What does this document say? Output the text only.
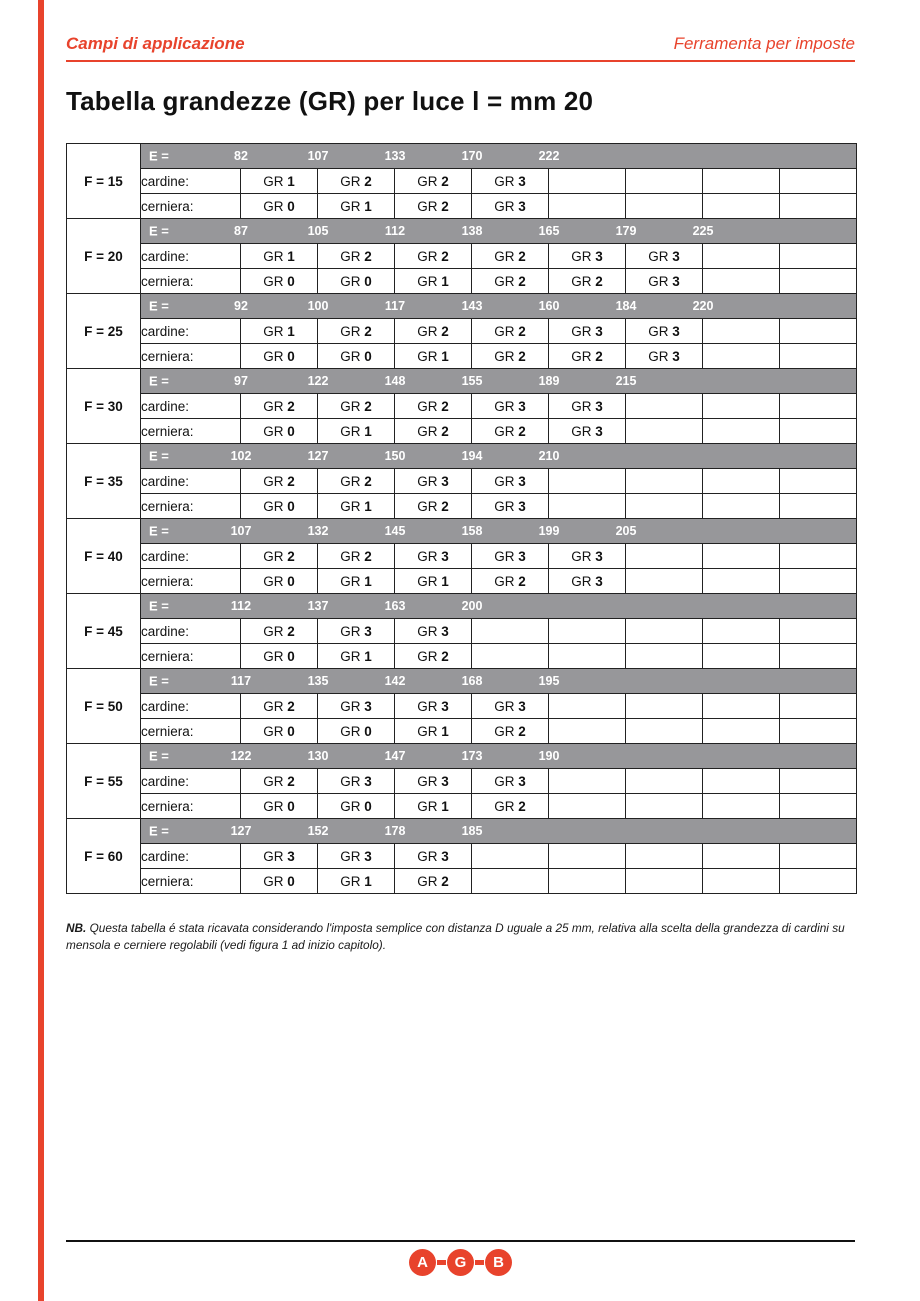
Campi di applicazione	Ferramenta per imposte
Tabella grandezze (GR) per luce l = mm 20
F = 15	
E =	82	107	133	170	222

	cardine:	GR 1	GR 2	GR 2	GR 3				
	cerniera:	GR 0	GR 1	GR 2	GR 3				
F = 20	
E =	87	105	112	138	165	179	225

	cardine:	GR 1	GR 2	GR 2	GR 2	GR 3	GR 3		
	cerniera:	GR 0	GR 0	GR 1	GR 2	GR 2	GR 3		
F = 25	
E =	92	100	117	143	160	184	220

	cardine:	GR 1	GR 2	GR 2	GR 2	GR 3	GR 3		
	cerniera:	GR 0	GR 0	GR 1	GR 2	GR 2	GR 3		
F = 30	
E =	97	122	148	155	189	215

	cardine:	GR 2	GR 2	GR 2	GR 3	GR 3			
	cerniera:	GR 0	GR 1	GR 2	GR 2	GR 3			
F = 35	
E =	102	127	150	194	210

	cardine:	GR 2	GR 2	GR 3	GR 3				
	cerniera:	GR 0	GR 1	GR 2	GR 3				
F = 40	
E =	107	132	145	158	199	205

	cardine:	GR 2	GR 2	GR 3	GR 3	GR 3			
	cerniera:	GR 0	GR 1	GR 1	GR 2	GR 3			
F = 45	E = 112 137 163 200								

	cardine:	GR 2	GR 3	GR 3					
	cerniera:	GR 0	GR 1	GR 2					
F = 50	
E =	117	135	142	168	195

	cardine:	GR 2	GR 3	GR 3	GR 3				
	cerniera:	GR 0	GR 0	GR 1	GR 2				
F = 55	
E =	122	130	147	173	190

	cardine:	GR 2	GR 3	GR 3	GR 3				
	cerniera:	GR 0	GR 0	GR 1	GR 2				
F = 60	E = 127 152 178 185								

	cardine:	GR 3	GR 3	GR 3					
	cerniera:	GR 0	GR 1	GR 2					

NB. Questa tabella é stata ricavata considerando l'imposta semplice con distanza D uguale a 25 mm, relativa alla scelta della grandezza di cardini su mensola e cerniere regolabili (vedi figura 1 ad inizio capitolo).

A	G	B
